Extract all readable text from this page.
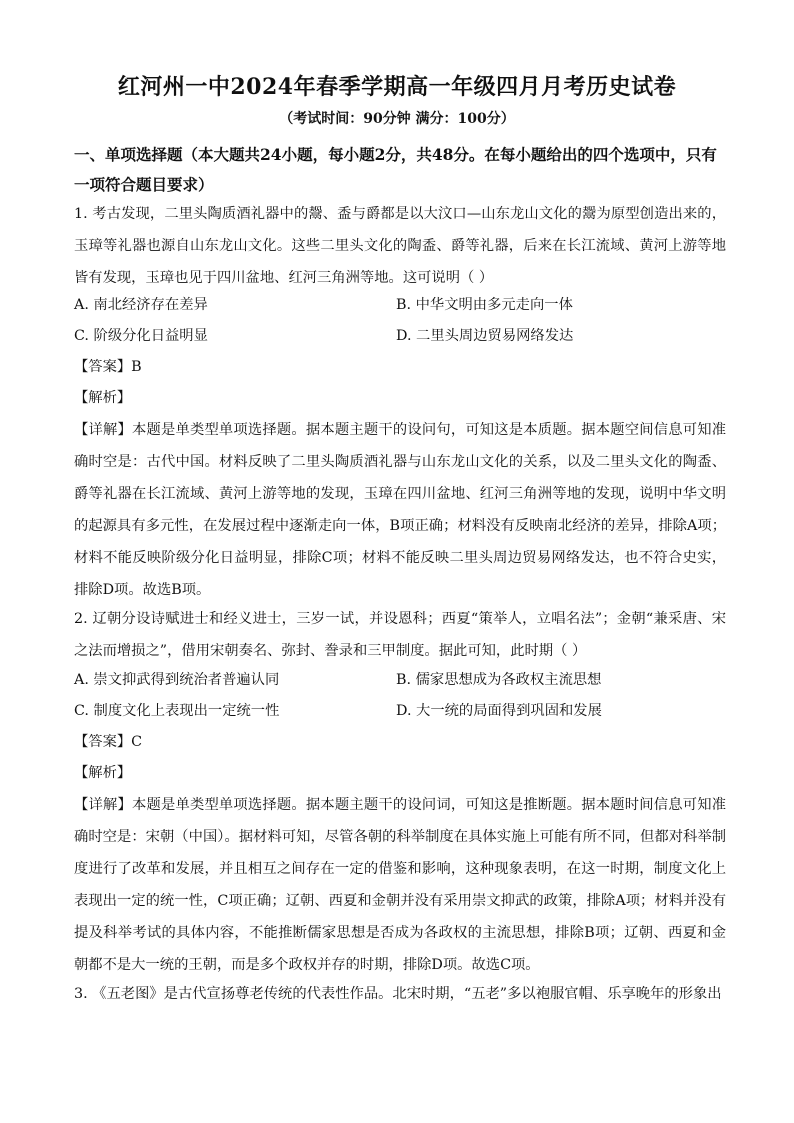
红河州一中2024年春季学期高一年级四月月考历史试卷
（考试时间：90分钟 满分：100分）
一、单项选择题（本大题共24小题，每小题2分，共48分。在每小题给出的四个选项中，只有一项符合题目要求）
1. 考古发现，二里头陶质酒礼器中的鬶、盉与爵都是以大汶口—山东龙山文化的鬶为原型创造出来的，玉璋等礼器也源自山东龙山文化。这些二里头文化的陶盉、爵等礼器，后来在长江流域、黄河上游等地皆有发现，玉璋也见于四川盆地、红河三角洲等地。这可说明（ ）
A. 南北经济存在差异	B. 中华文明由多元走向一体
C. 阶级分化日益明显	D. 二里头周边贸易网络发达
【答案】B
【解析】
【详解】本题是单类型单项选择题。据本题主题干的设问句，可知这是本质题。据本题空间信息可知准确时空是：古代中国。材料反映了二里头陶质酒礼器与山东龙山文化的关系，以及二里头文化的陶盉、爵等礼器在长江流域、黄河上游等地的发现，玉璋在四川盆地、红河三角洲等地的发现，说明中华文明的起源具有多元性，在发展过程中逐渐走向一体，B项正确；材料没有反映南北经济的差异，排除A项；材料不能反映阶级分化日益明显，排除C项；材料不能反映二里头周边贸易网络发达，也不符合史实，排除D项。故选B项。
2. 辽朝分设诗赋进士和经义进士，三岁一试，并设恩科；西夏“策举人，立唱名法”；金朝“兼采唐、宋之法而增损之”，借用宋朝奏名、弥封、誊录和三甲制度。据此可知，此时期（ ）
A. 崇文抑武得到统治者普遍认同	B. 儒家思想成为各政权主流思想
C. 制度文化上表现出一定统一性	D. 大一统的局面得到巩固和发展
【答案】C
【解析】
【详解】本题是单类型单项选择题。据本题主题干的设问词，可知这是推断题。据本题时间信息可知准确时空是：宋朝（中国）。据材料可知，尽管各朝的科举制度在具体实施上可能有所不同，但都对科举制度进行了改革和发展，并且相互之间存在一定的借鉴和影响，这种现象表明，在这一时期，制度文化上表现出一定的统一性，C项正确；辽朝、西夏和金朝并没有采用崇文抑武的政策，排除A项；材料并没有提及科举考试的具体内容，不能推断儒家思想是否成为各政权的主流思想，排除B项；辽朝、西夏和金朝都不是大一统的王朝，而是多个政权并存的时期，排除D项。故选C项。
3. 《五老图》是古代宣扬尊老传统的代表性作品。北宋时期，“五老”多以袍服官帽、乐享晚年的形象出
